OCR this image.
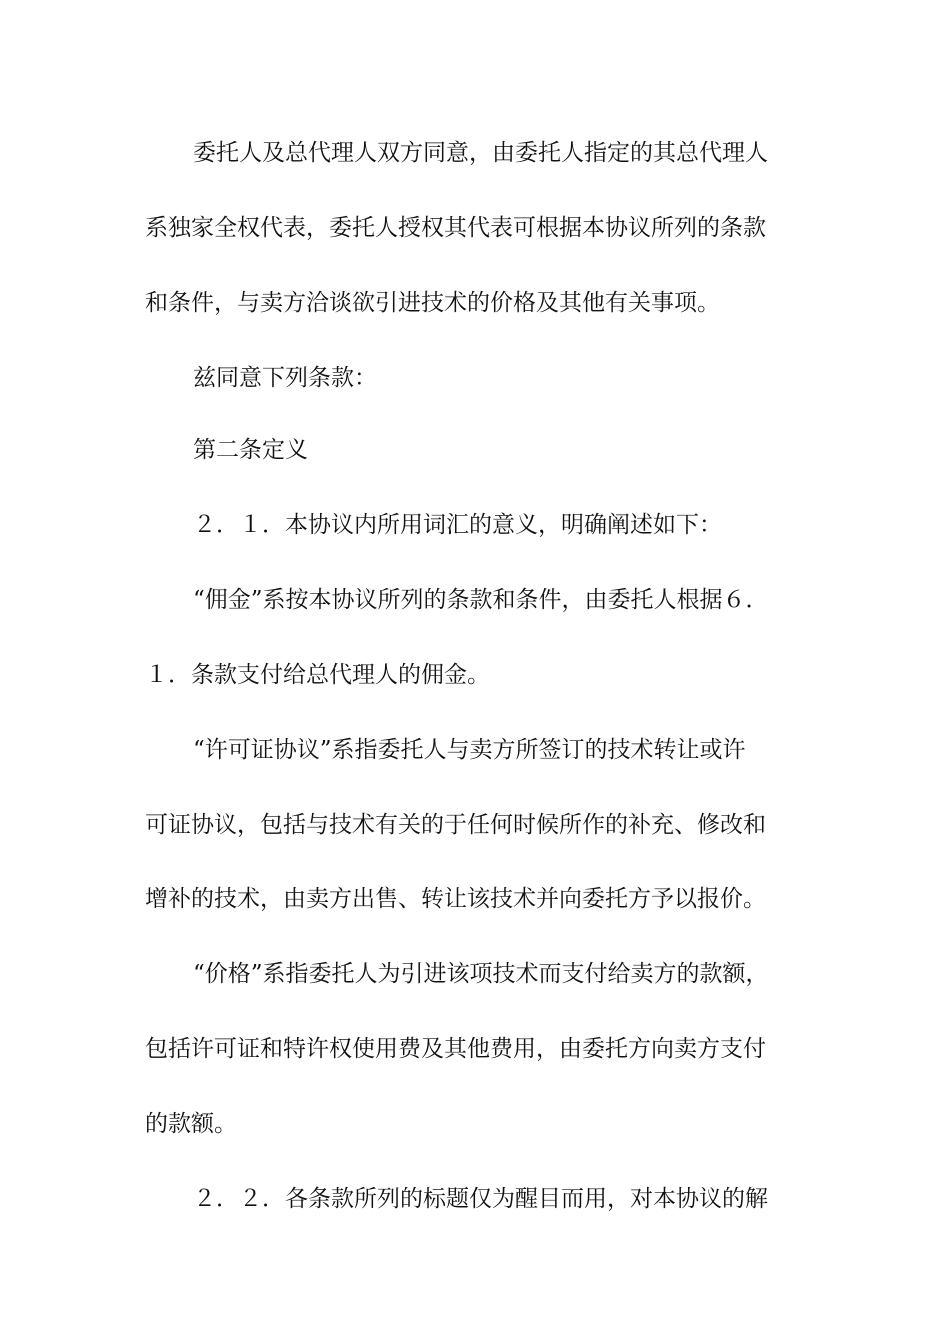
委托人及总代理人双方同意，由委托人指定的其总代理人
系独家全权代表，委托人授权其代表可根据本协议所列的条款
和条件，与卖方洽谈欲引进技术的价格及其他有关事项。
兹同意下列条款：
第二条定义
２．１．本协议内所用词汇的意义，明确阐述如下：
“佣金”系按本协议所列的条款和条件，由委托人根据６．
１．条款支付给总代理人的佣金。
“许可证协议”系指委托人与卖方所签订的技术转让或许
可证协议，包括与技术有关的于任何时候所作的补充、修改和
增补的技术，由卖方出售、转让该技术并向委托方予以报价。
“价格”系指委托人为引进该项技术而支付给卖方的款额，
包括许可证和特许权使用费及其他费用，由委托方向卖方支付
的款额。
２．２．各条款所列的标题仅为醒目而用，对本协议的解
